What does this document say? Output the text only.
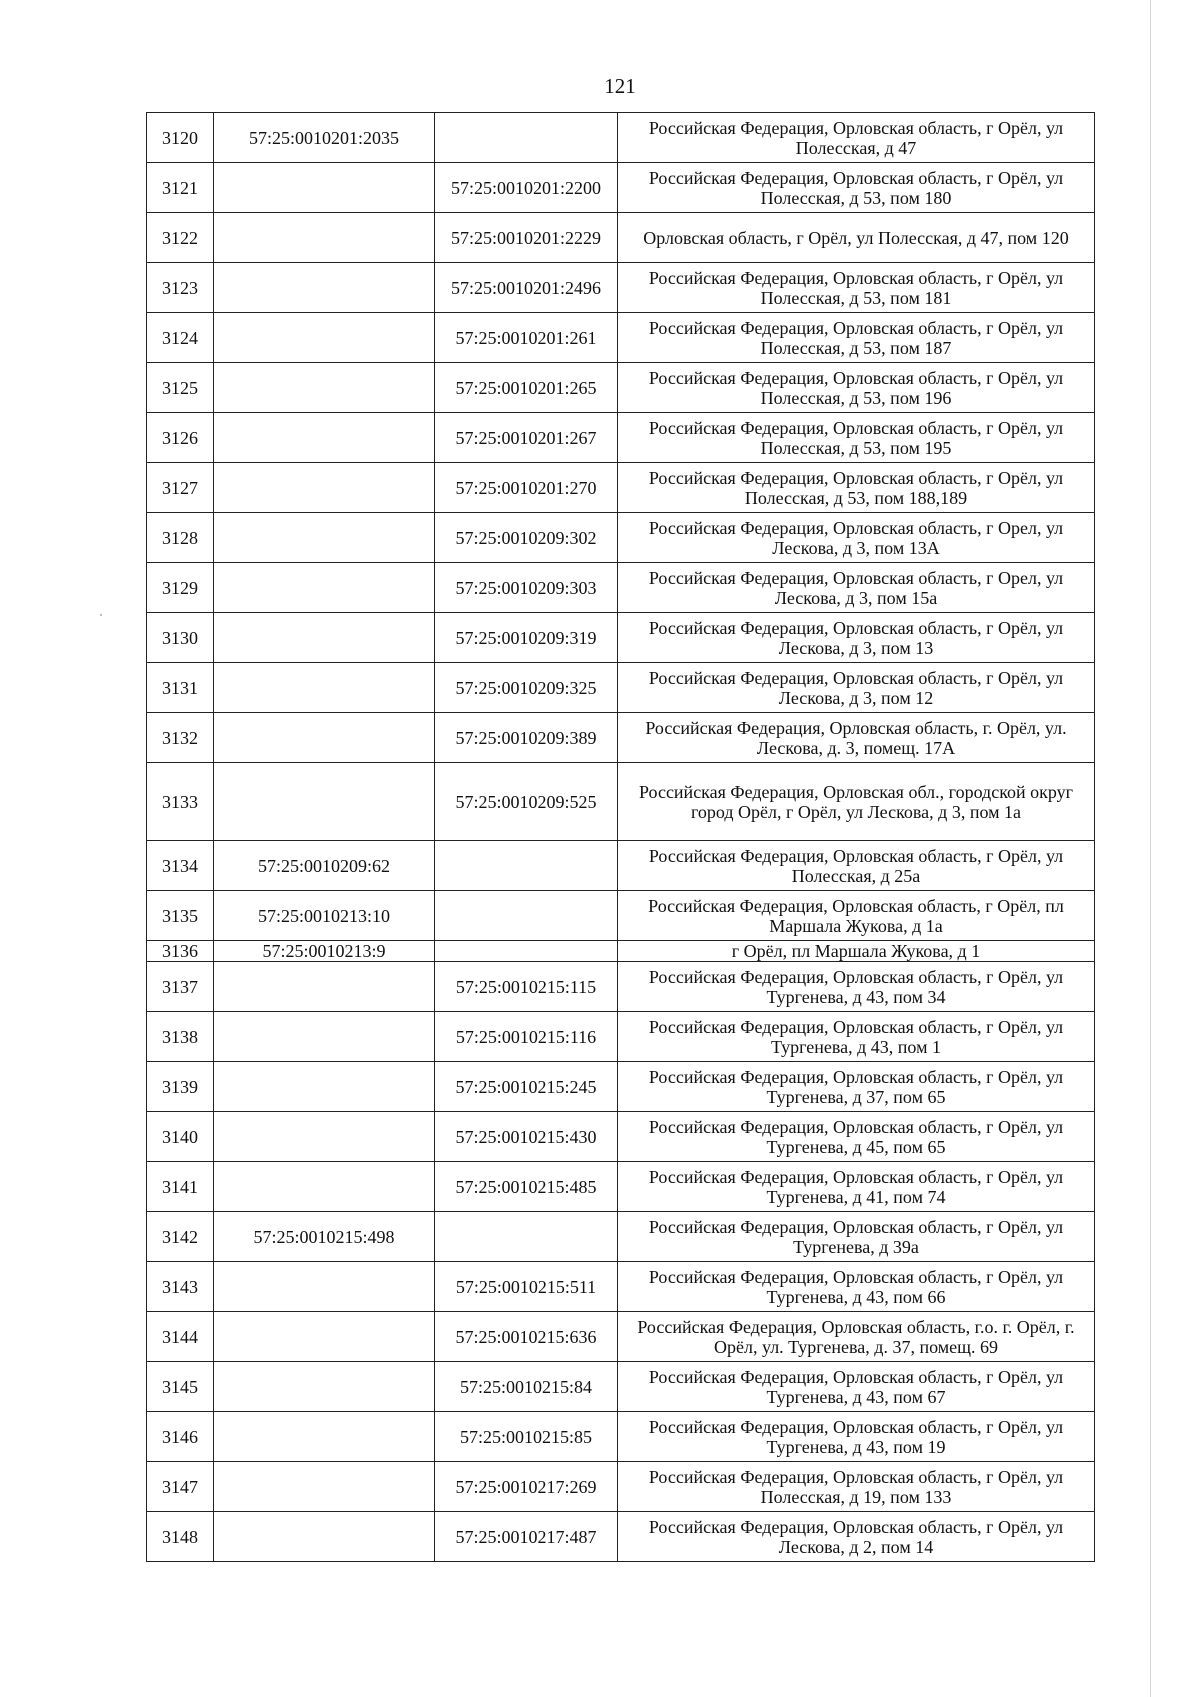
121
3120	57:25:0010201:2035		Российская Федерация, Орловская область, г Орёл, ул Полесская, д 47
3121		57:25:0010201:2200	Российская Федерация, Орловская область, г Орёл, ул Полесская, д 53, пом 180
3122		57:25:0010201:2229	Орловская область, г Орёл, ул Полесская, д 47, пом 120
3123		57:25:0010201:2496	Российская Федерация, Орловская область, г Орёл, ул Полесская, д 53, пом 181
3124		57:25:0010201:261	Российская Федерация, Орловская область, г Орёл, ул Полесская, д 53, пом 187
3125		57:25:0010201:265	Российская Федерация, Орловская область, г Орёл, ул Полесская, д 53, пом 196
3126		57:25:0010201:267	Российская Федерация, Орловская область, г Орёл, ул Полесская, д 53, пом 195
3127		57:25:0010201:270	Российская Федерация, Орловская область, г Орёл, ул Полесская, д 53, пом 188,189
3128		57:25:0010209:302	Российская Федерация, Орловская область, г Орел, ул Лескова, д 3, пом 13А
3129		57:25:0010209:303	Российская Федерация, Орловская область, г Орел, ул Лескова, д 3, пом 15а
3130		57:25:0010209:319	Российская Федерация, Орловская область, г Орёл, ул Лескова, д 3, пом 13
3131		57:25:0010209:325	Российская Федерация, Орловская область, г Орёл, ул Лескова, д 3, пом 12
3132		57:25:0010209:389	Российская Федерация, Орловская область, г. Орёл, ул. Лескова, д. 3, помещ. 17А
3133		57:25:0010209:525	Российская Федерация, Орловская обл., городской округ город Орёл, г Орёл, ул Лескова, д 3, пом 1а
3134	57:25:0010209:62		Российская Федерация, Орловская область, г Орёл, ул Полесская, д 25а
3135	57:25:0010213:10		Российская Федерация, Орловская область, г Орёл, пл Маршала Жукова, д 1а
3136	57:25:0010213:9		г Орёл, пл Маршала Жукова, д 1
3137		57:25:0010215:115	Российская Федерация, Орловская область, г Орёл, ул Тургенева, д 43, пом 34
3138		57:25:0010215:116	Российская Федерация, Орловская область, г Орёл, ул Тургенева, д 43, пом 1
3139		57:25:0010215:245	Российская Федерация, Орловская область, г Орёл, ул Тургенева, д 37, пом 65
3140		57:25:0010215:430	Российская Федерация, Орловская область, г Орёл, ул Тургенева, д 45, пом 65
3141		57:25:0010215:485	Российская Федерация, Орловская область, г Орёл, ул Тургенева, д 41, пом 74
3142	57:25:0010215:498		Российская Федерация, Орловская область, г Орёл, ул Тургенева, д 39а
3143		57:25:0010215:511	Российская Федерация, Орловская область, г Орёл, ул Тургенева, д 43, пом 66
3144		57:25:0010215:636	Российская Федерация, Орловская область, г.о. г. Орёл, г. Орёл, ул. Тургенева, д. 37, помещ. 69
3145		57:25:0010215:84	Российская Федерация, Орловская область, г Орёл, ул Тургенева, д 43, пом 67
3146		57:25:0010215:85	Российская Федерация, Орловская область, г Орёл, ул Тургенева, д 43, пом 19
3147		57:25:0010217:269	Российская Федерация, Орловская область, г Орёл, ул Полесская, д 19, пом 133
3148		57:25:0010217:487	Российская Федерация, Орловская область, г Орёл, ул Лескова, д 2, пом 14
